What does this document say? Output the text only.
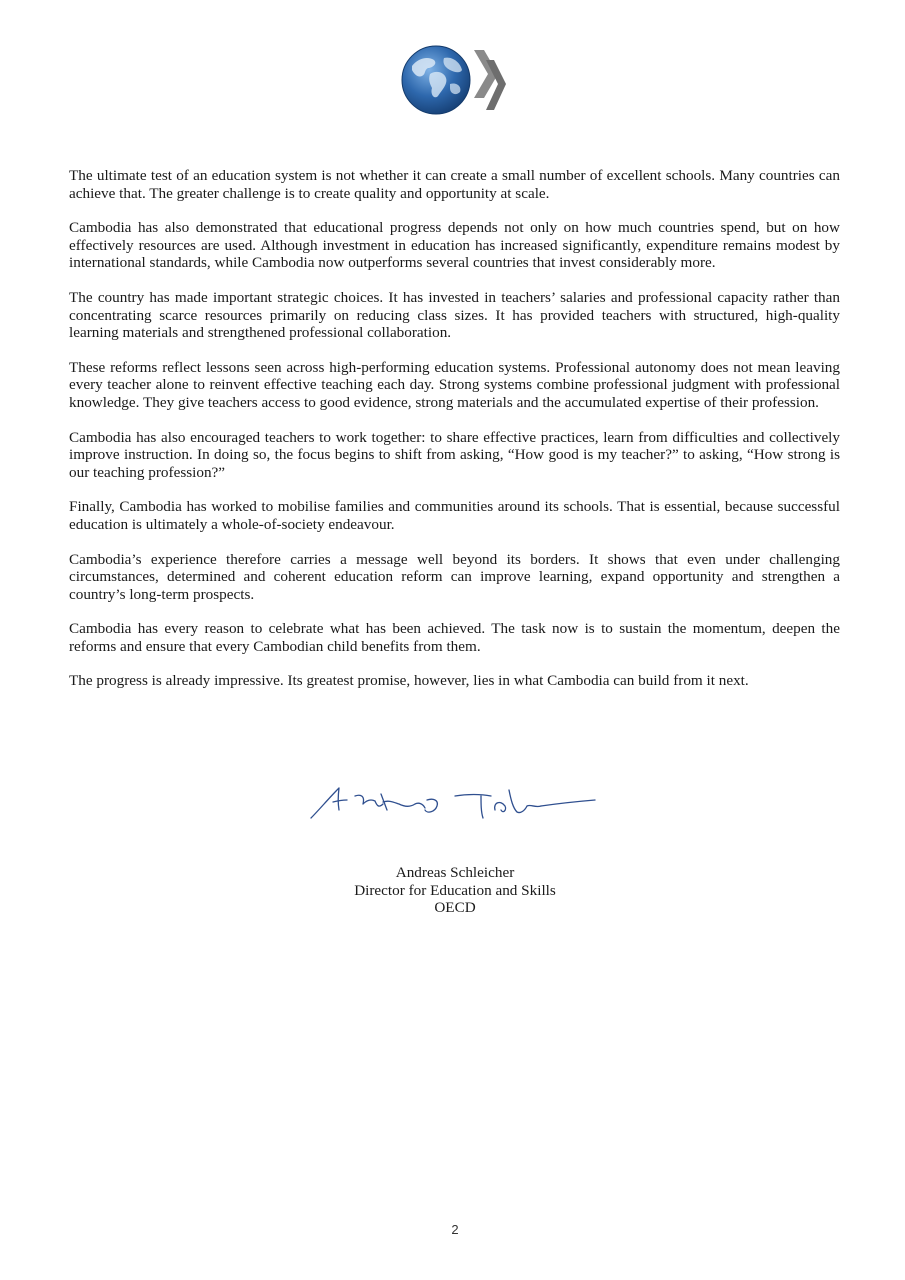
The ultimate test of an education system is not whether it can create a small number of excellent schools. Many countries can achieve that. The greater challenge is to create quality and opportunity at scale.

Cambodia has also demonstrated that educational progress depends not only on how much countries spend, but on how effectively resources are used. Although investment in education has increased significantly, expenditure remains modest by international standards, while Cambodia now outperforms several countries that invest considerably more.

The country has made important strategic choices. It has invested in teachers’ salaries and professional capacity rather than concentrating scarce resources primarily on reducing class sizes. It has provided teachers with structured, high-quality learning materials and strengthened professional collaboration.

These reforms reflect lessons seen across high-performing education systems. Professional autonomy does not mean leaving every teacher alone to reinvent effective teaching each day. Strong systems combine professional judgment with professional knowledge. They give teachers access to good evidence, strong materials and the accumulated expertise of their profession.

Cambodia has also encouraged teachers to work together: to share effective practices, learn from difficulties and collectively improve instruction. In doing so, the focus begins to shift from asking, “How good is my teacher?” to asking, “How strong is our teaching profession?”

Finally, Cambodia has worked to mobilise families and communities around its schools. That is essential, because successful education is ultimately a whole-of-society endeavour.

Cambodia’s experience therefore carries a message well beyond its borders. It shows that even under challenging circumstances, determined and coherent education reform can improve learning, expand opportunity and strengthen a country’s long-term prospects.

Cambodia has every reason to celebrate what has been achieved. The task now is to sustain the momentum, deepen the reforms and ensure that every Cambodian child benefits from them.

The progress is already impressive. Its greatest promise, however, lies in what Cambodia can build from it next.

Andreas Schleicher
Director for Education and Skills
OECD
2
